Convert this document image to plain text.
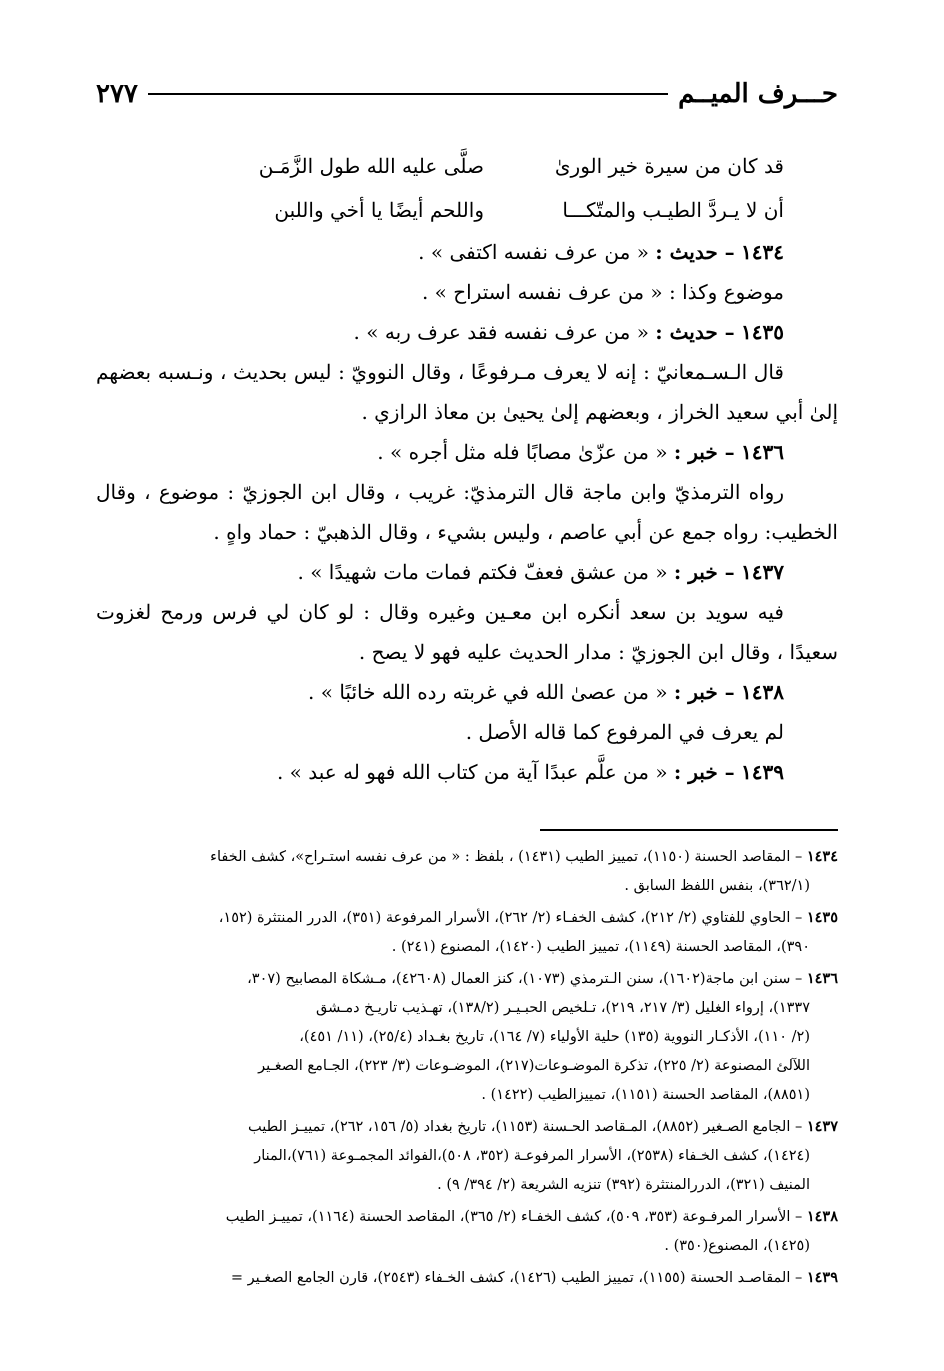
حـــرف الميــم
٢٧٧
قد كان من سيرة خير الورىٰ
صلَّى عليه الله طول الزَّمَـن
أن لا يـردَّ الطيـب والمتّكـــا
واللحم أيضًا يا أخي واللبن
١٤٣٤ – حديث : « من عرف نفسه اكتفى » .
موضوع وكذا : « من عرف نفسه استراح » .
١٤٣٥ – حديث : « من عرف نفسه فقد عرف ربه » .
قال الـسـمعانيّ : إنه لا يعرف مـرفوعًا ، وقال النوويّ : ليس بحديث ، ونـسبه بعضهم إلىٰ أبي سعيد الخراز ، وبعضهم إلىٰ يحيىٰ بن معاذ الرازي .
١٤٣٦ – خبر : « من عزّىٰ مصابًا فله مثل أجره » .
رواه الترمذيّ وابن ماجة قال الترمذيّ: غريب ، وقال ابن الجوزيّ : موضوع ، وقال الخطيب: رواه جمع عن أبي عاصم ، وليس بشيء ، وقال الذهبيّ : حماد واهٍ .
١٤٣٧ – خبر : « من عشق فعفّ فكتم فمات مات شهيدًا » .
فيه سويد بن سعد أنكره ابن معـين وغيره وقال : لو كان لي فرس ورمح لغزوت سعيدًا ، وقال ابن الجوزيّ : مدار الحديث عليه فهو لا يصح .
١٤٣٨ – خبر : « من عصىٰ الله في غربته رده الله خائبًا » .
لم يعرف في المرفوع كما قاله الأصل .
١٤٣٩ – خبر : « من علَّم عبدًا آية من كتاب الله فهو له عبد » .
١٤٣٤ – المقاصد الحسنة (١١٥٠)، تمييز الطيب (١٤٣١) ، بلفظ : « من عرف نفسه استـراح»، كشف الخفاء
(٣٦٢/١)، بنفس اللفظ السابق .
١٤٣٥ – الحاوي للفتاوي (٢/ ٢١٢)، كشف الخفـاء (٢/ ٢٦٢)، الأسرار المرفوعة (٣٥١)، الدرر المنتثرة (١٥٢،
٣٩٠)، المقاصد الحسنة (١١٤٩)، تمييز الطيب (١٤٢٠)، المصنوع (٢٤١) .
١٤٣٦ – سنن ابن ماجة(١٦٠٢)، سنن الـترمذي (١٠٧٣)، كنز العمال (٤٢٦٠٨)، مـشكاة المصابيح (٣٠٧،
١٣٣٧)، إرواء الغليل (٣/ ٢١٧، ٢١٩)، تـلخيص الحبـيـر (١٣٨/٢)، تهـذيب تاريـخ دمـشق
(٢/ ١١٠)، الأذكـار النووية (١٣٥) حلية الأولياء (٧/ ١٦٤)، تاريخ بغـداد (٢٥/٤)، (١١/ ٤٥١)،
اللآلئ المصنوعة (٢/ ٢٢٥)، تذكرة الموضـوعات(٢١٧)، الموضـوعات (٣/ ٢٢٣)، الجـامع الصغـير
(٨٨٥١)، المقاصد الحسنة (١١٥١)، تمييزالطيب (١٤٢٢) .
١٤٣٧ – الجامع الصـغير (٨٨٥٢)، المـقاصد الحـسنة (١١٥٣)، تاريخ بغداد (٥/ ١٥٦، ٢٦٢)، تمييـز الطيب
(١٤٢٤)، كشف الخـفاء (٢٥٣٨)، الأسرار المرفوعـة (٣٥٢، ٥٠٨)،الفوائد المجمـوعة (٧٦١)،المنار
المنيف (٣٢١)، الدررالمنتثرة (٣٩٢) تنزيه الشريعة (٢/ ٣٩٤/ ٩) .
١٤٣٨ – الأسرار المرفـوعة (٣٥٣، ٥٠٩)، كشف الخفـاء (٢/ ٣٦٥)، المقاصد الحسنة (١١٦٤)، تمييـز الطيب
(١٤٢٥)، المصنوع(٣٥٠) .
١٤٣٩ – المقاصـد الحسنة (١١٥٥)، تمييز الطيب (١٤٢٦)، كشف الخـفاء (٢٥٤٣)، قارن الجامع الصغـير =
